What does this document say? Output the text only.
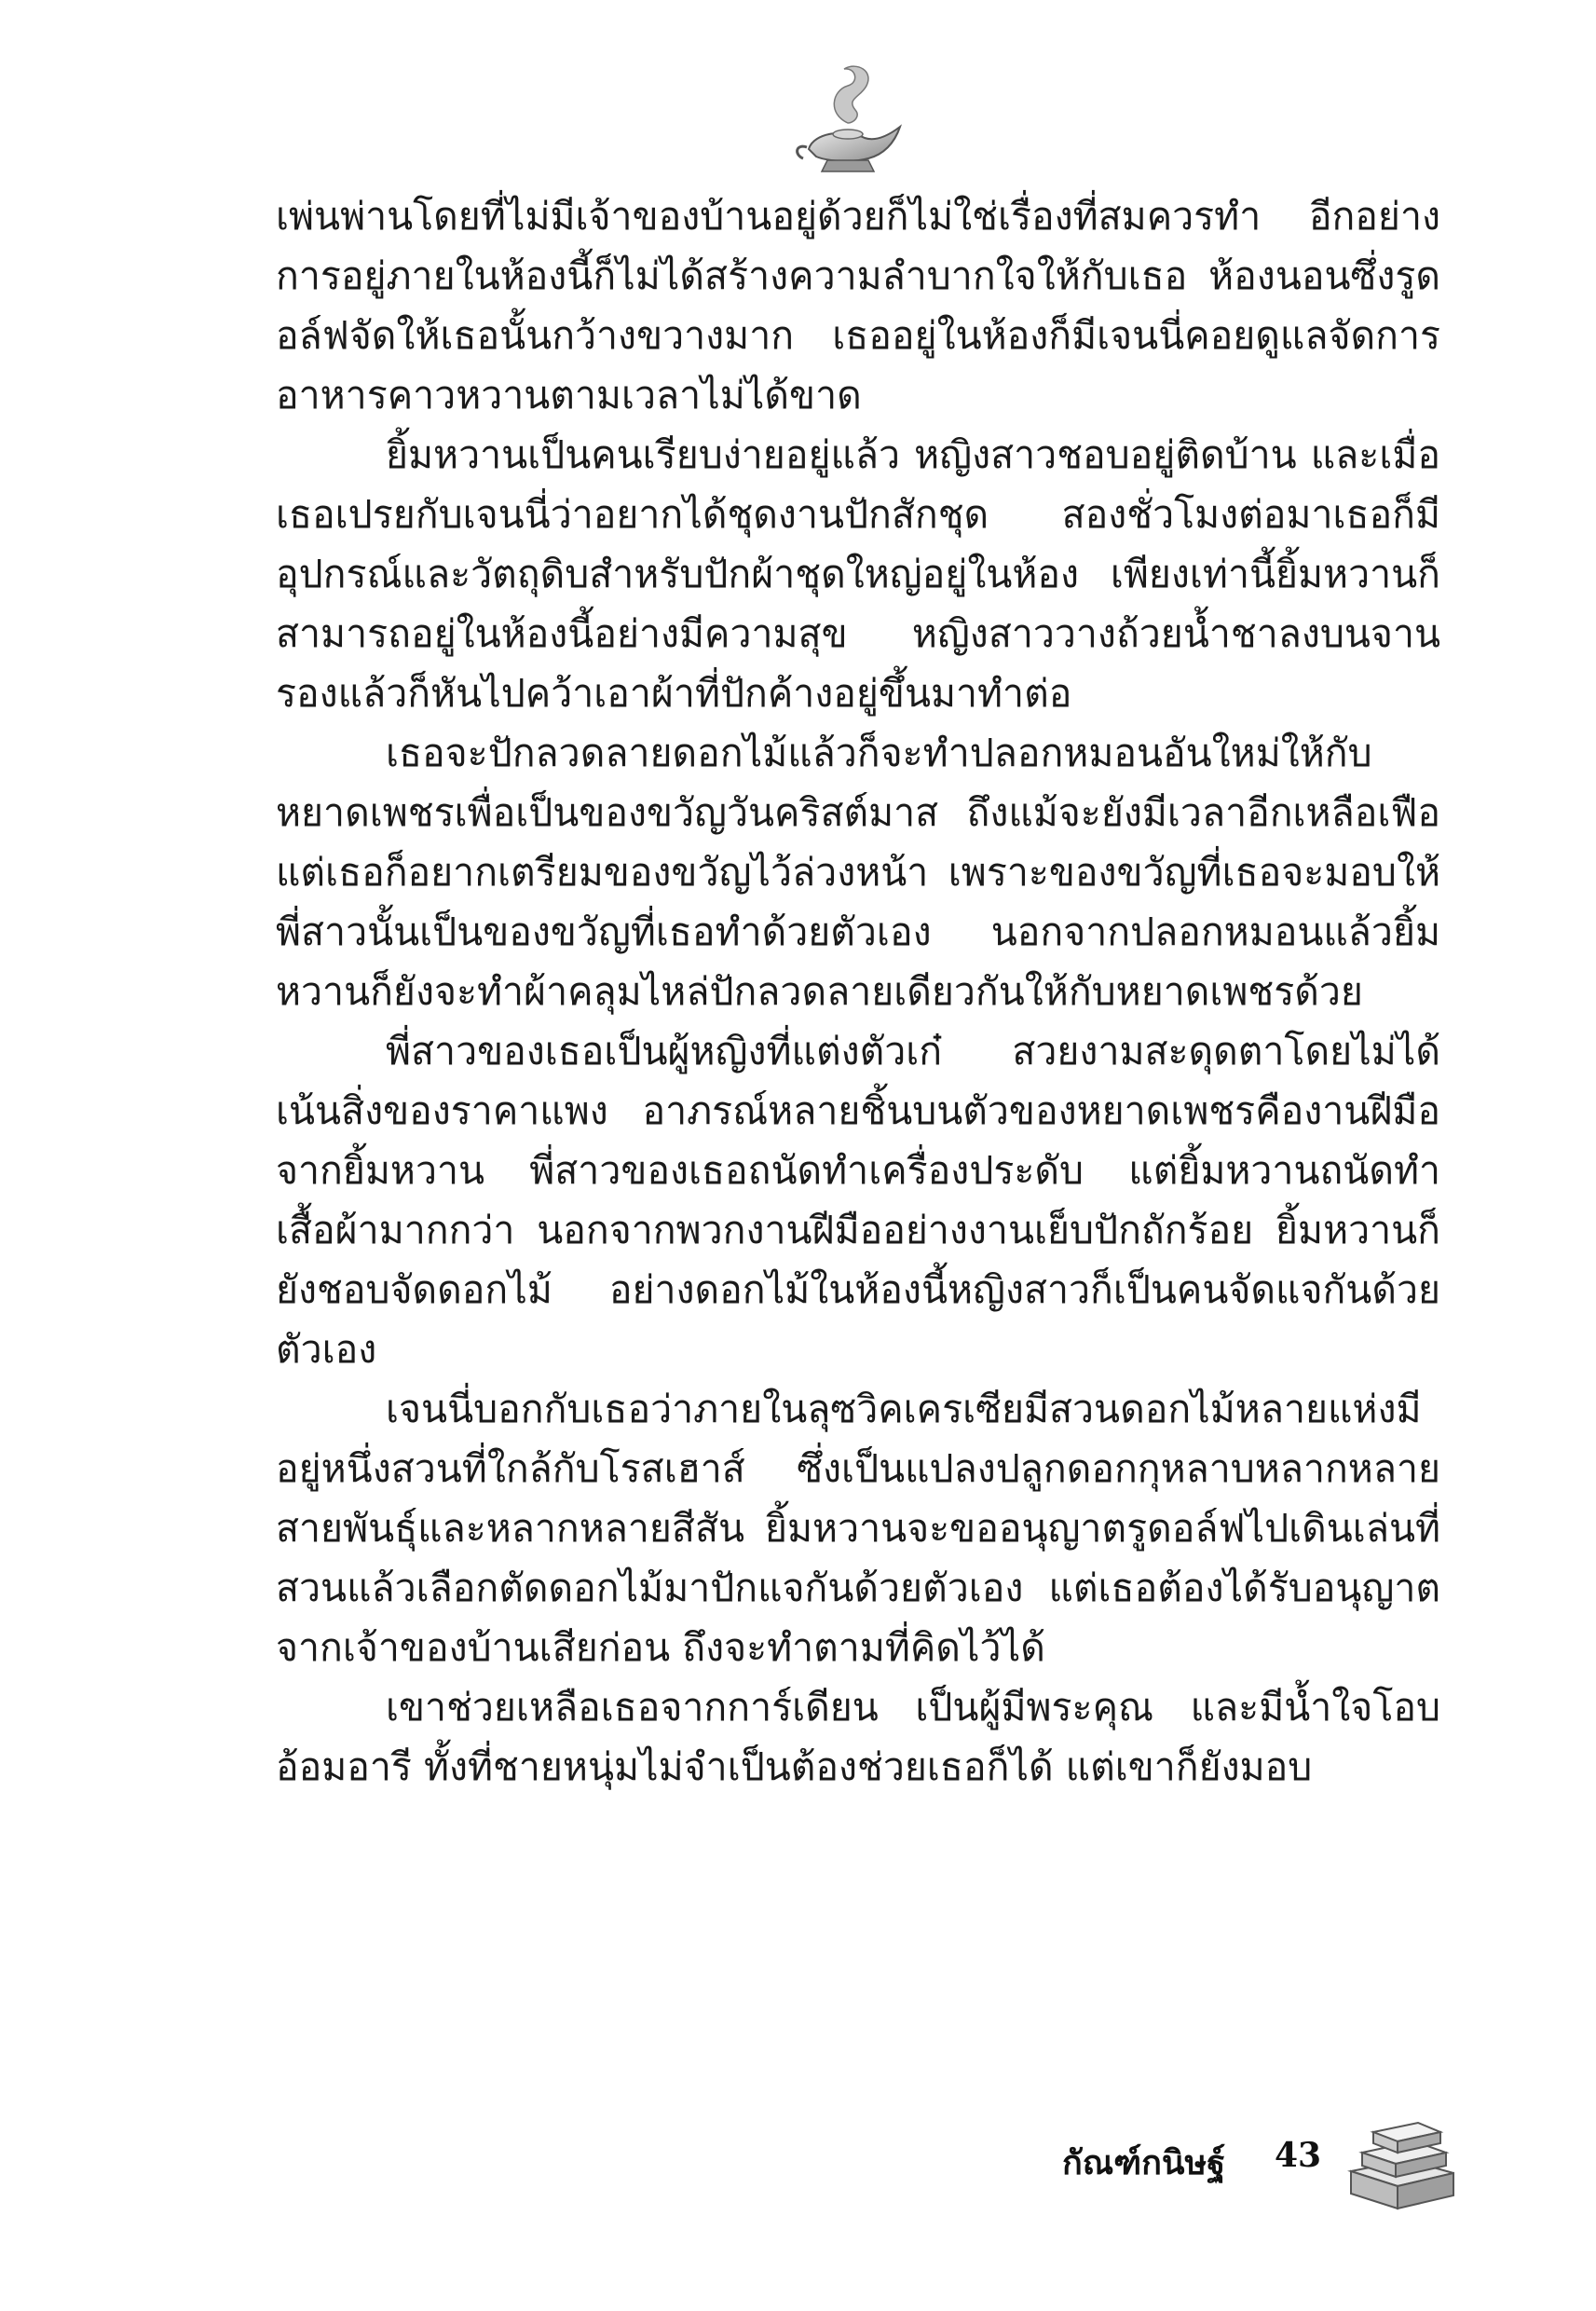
เพ่นพ่านโดยที่ไม่มีเจ้าของบ้านอยู่ด้วยก็ไม่ใช่เรื่องที่สมควรทำ อีกอย่างการอยู่ภายในห้องนี้ก็ไม่ได้สร้างความลำบากใจให้กับเธอ ห้องนอนซึ่งรูดอล์ฟจัดให้เธอนั้นกว้างขวางมาก เธออยู่ในห้องก็มีเจนนี่คอยดูแลจัดการอาหารคาวหวานตามเวลาไม่ได้ขาด

ยิ้มหวานเป็นคนเรียบง่ายอยู่แล้ว หญิงสาวชอบอยู่ติดบ้าน และเมื่อเธอเปรยกับเจนนี่ว่าอยากได้ชุดงานปักสักชุด สองชั่วโมงต่อมาเธอก็มีอุปกรณ์และวัตถุดิบสำหรับปักผ้าชุดใหญ่อยู่ในห้อง เพียงเท่านี้ยิ้มหวานก็สามารถอยู่ในห้องนี้อย่างมีความสุข หญิงสาววางถ้วยน้ำชาลงบนจานรองแล้วก็หันไปคว้าเอาผ้าที่ปักค้างอยู่ขึ้นมาทำต่อ

เธอจะปักลวดลายดอกไม้แล้วก็จะทำปลอกหมอนอันใหม่ให้กับหยาดเพชรเพื่อเป็นของขวัญวันคริสต์มาส ถึงแม้จะยังมีเวลาอีกเหลือเฟือแต่เธอก็อยากเตรียมของขวัญไว้ล่วงหน้า เพราะของขวัญที่เธอจะมอบให้พี่สาวนั้นเป็นของขวัญที่เธอทำด้วยตัวเอง นอกจากปลอกหมอนแล้วยิ้มหวานก็ยังจะทำผ้าคลุมไหล่ปักลวดลายเดียวกันให้กับหยาดเพชรด้วย

พี่สาวของเธอเป็นผู้หญิงที่แต่งตัวเก๋ สวยงามสะดุดตาโดยไม่ได้เน้นสิ่งของราคาแพง อาภรณ์หลายชิ้นบนตัวของหยาดเพชรคืองานฝีมือจากยิ้มหวาน พี่สาวของเธอถนัดทำเครื่องประดับ แต่ยิ้มหวานถนัดทำเสื้อผ้ามากกว่า นอกจากพวกงานฝีมืออย่างงานเย็บปักถักร้อย ยิ้มหวานก็ยังชอบจัดดอกไม้ อย่างดอกไม้ในห้องนี้หญิงสาวก็เป็นคนจัดแจกันด้วยตัวเอง

เจนนี่บอกกับเธอว่าภายในลุซวิคเครเซียมีสวนดอกไม้หลายแห่งมีอยู่หนึ่งสวนที่ใกล้กับโรสเฮาส์ ซึ่งเป็นแปลงปลูกดอกกุหลาบหลากหลายสายพันธุ์และหลากหลายสีสัน ยิ้มหวานจะขออนุญาตรูดอล์ฟไปเดินเล่นที่สวนแล้วเลือกตัดดอกไม้มาปักแจกันด้วยตัวเอง แต่เธอต้องได้รับอนุญาตจากเจ้าของบ้านเสียก่อน ถึงจะทำตามที่คิดไว้ได้

เขาช่วยเหลือเธอจากการ์เดียน เป็นผู้มีพระคุณ และมีน้ำใจโอบอ้อมอารี ทั้งที่ชายหนุ่มไม่จำเป็นต้องช่วยเธอก็ได้ แต่เขาก็ยังมอบ

กัณฑ์กนิษฐ์ 43
